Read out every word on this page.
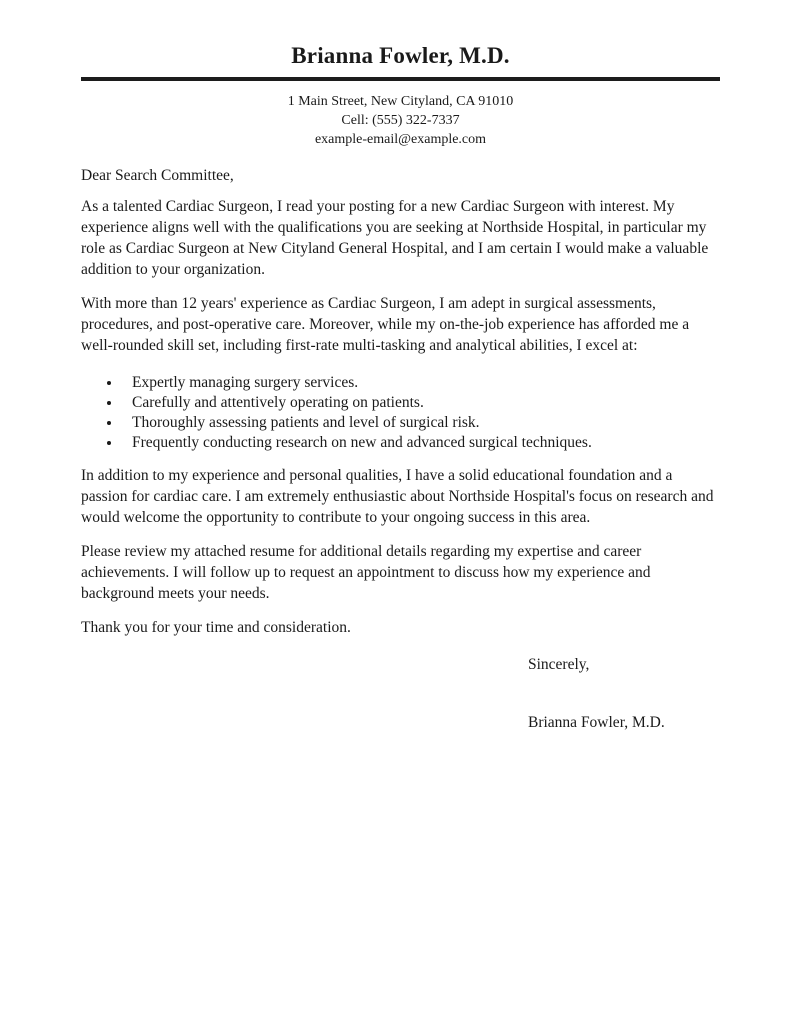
Brianna Fowler, M.D.
1 Main Street, New Cityland, CA 91010
Cell: (555) 322-7337
example-email@example.com

Dear Search Committee,

As a talented Cardiac Surgeon, I read your posting for a new Cardiac Surgeon with interest. My experience aligns well with the qualifications you are seeking at Northside Hospital, in particular my role as Cardiac Surgeon at New Cityland General Hospital, and I am certain I would make a valuable addition to your organization.

With more than 12 years' experience as Cardiac Surgeon, I am adept in surgical assessments, procedures, and post-operative care. Moreover, while my on-the-job experience has afforded me a well-rounded skill set, including first-rate multi-tasking and analytical abilities, I excel at:

• Expertly managing surgery services.
• Carefully and attentively operating on patients.
• Thoroughly assessing patients and level of surgical risk.
• Frequently conducting research on new and advanced surgical techniques.

In addition to my experience and personal qualities, I have a solid educational foundation and a passion for cardiac care. I am extremely enthusiastic about Northside Hospital's focus on research and would welcome the opportunity to contribute to your ongoing success in this area.

Please review my attached resume for additional details regarding my expertise and career achievements. I will follow up to request an appointment to discuss how my experience and background meets your needs.

Thank you for your time and consideration.

Sincerely,
Brianna Fowler, M.D.
